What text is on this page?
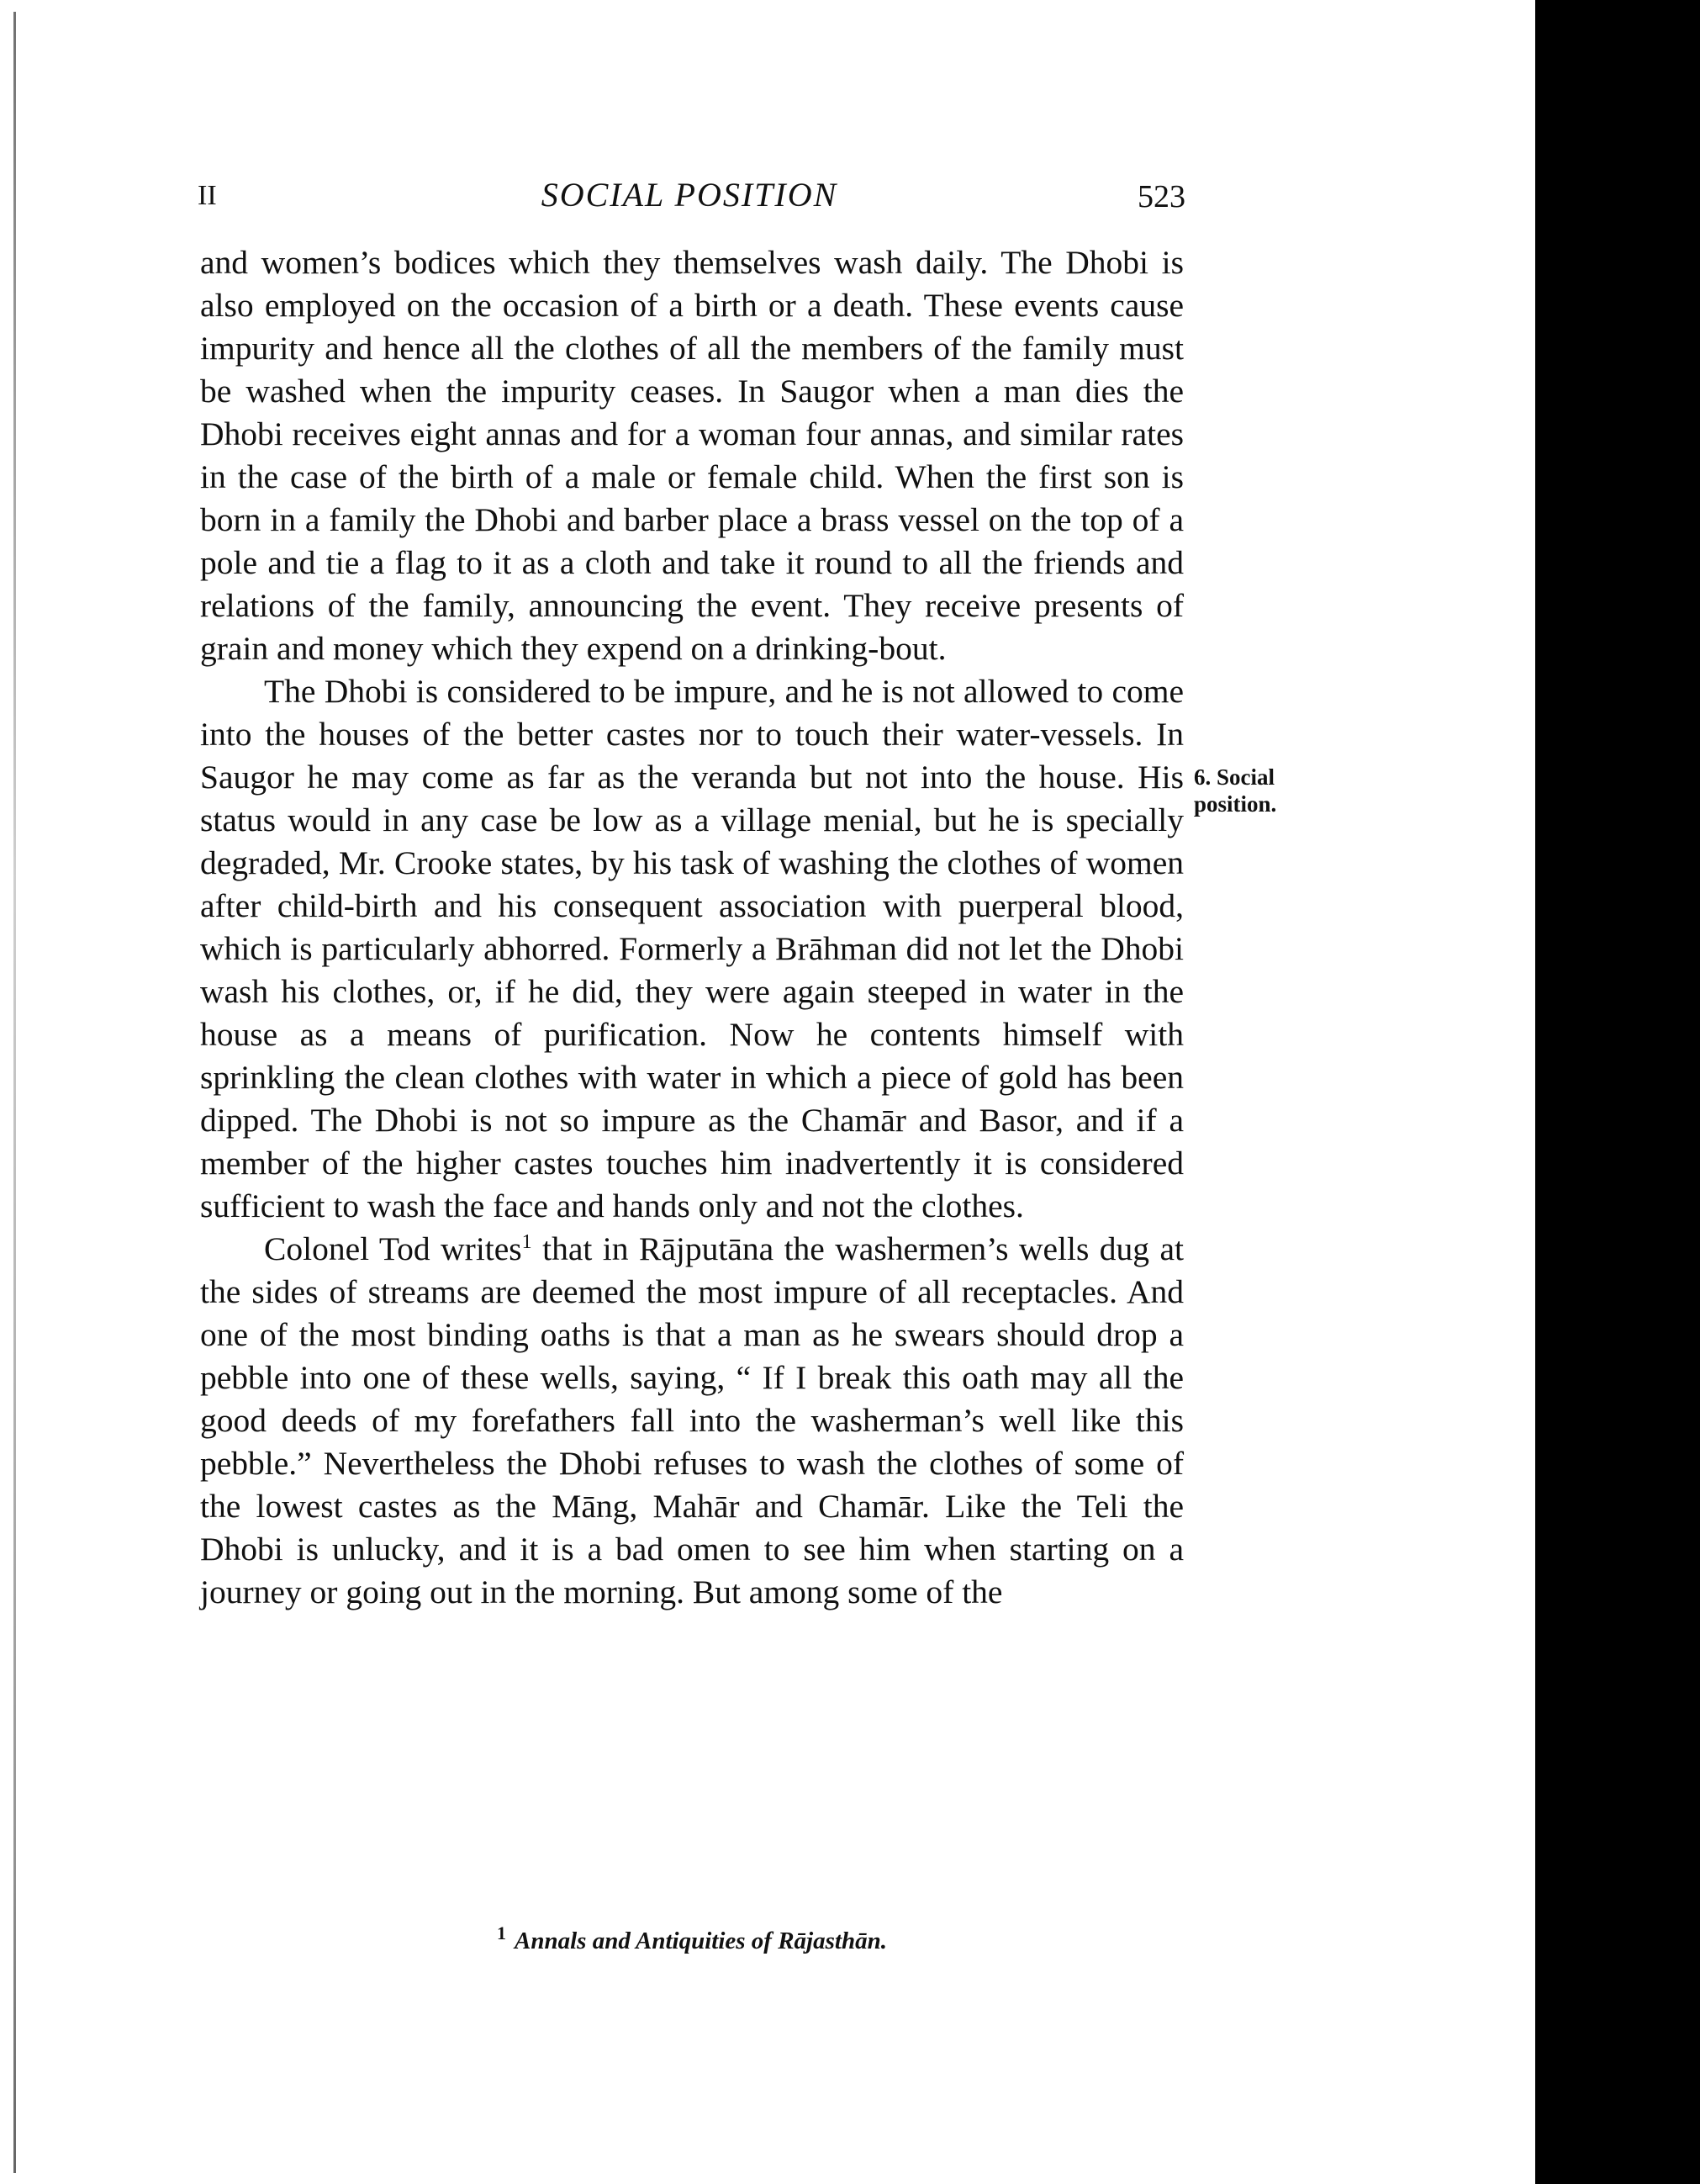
II	SOCIAL POSITION	523

and women’s bodices which they themselves wash daily. The Dhobi is also employed on the occasion of a birth or a death. These events cause impurity and hence all the clothes of all the members of the family must be washed when the impurity ceases. In Saugor when a man dies the Dhobi receives eight annas and for a woman four annas, and similar rates in the case of the birth of a male or female child. When the first son is born in a family the Dhobi and barber place a brass vessel on the top of a pole and tie a flag to it as a cloth and take it round to all the friends and relations of the family, announcing the event. They receive presents of grain and money which they expend on a drinking-bout.

The Dhobi is considered to be impure, and he is not allowed to come into the houses of the better castes nor to touch their water-vessels. In Saugor he may come as far as the veranda but not into the house. His status would in any case be low as a village menial, but he is specially degraded, Mr. Crooke states, by his task of washing the clothes of women after child-birth and his consequent association with puerperal blood, which is particularly abhorred. Formerly a Brāhman did not let the Dhobi wash his clothes, or, if he did, they were again steeped in water in the house as a means of purification. Now he contents himself with sprinkling the clean clothes with water in which a piece of gold has been dipped. The Dhobi is not so impure as the Chamār and Basor, and if a member of the higher castes touches him inadvertently it is considered sufficient to wash the face and hands only and not the clothes.

Colonel Tod writes$^1$ that in Rājputāna the washermen’s wells dug at the sides of streams are deemed the most impure of all receptacles. And one of the most binding oaths is that a man as he swears should drop a pebble into one of these wells, saying, “ If I break this oath may all the good deeds of my forefathers fall into the washerman’s well like this pebble.” Nevertheless the Dhobi refuses to wash the clothes of some of the lowest castes as the Māng, Mahār and Chamār. Like the Teli the Dhobi is unlucky, and it is a bad omen to see him when starting on a journey or going out in the morning. But among some of the

6. Social position.
$^1$ Annals and Antiquities of Rājasthān.
